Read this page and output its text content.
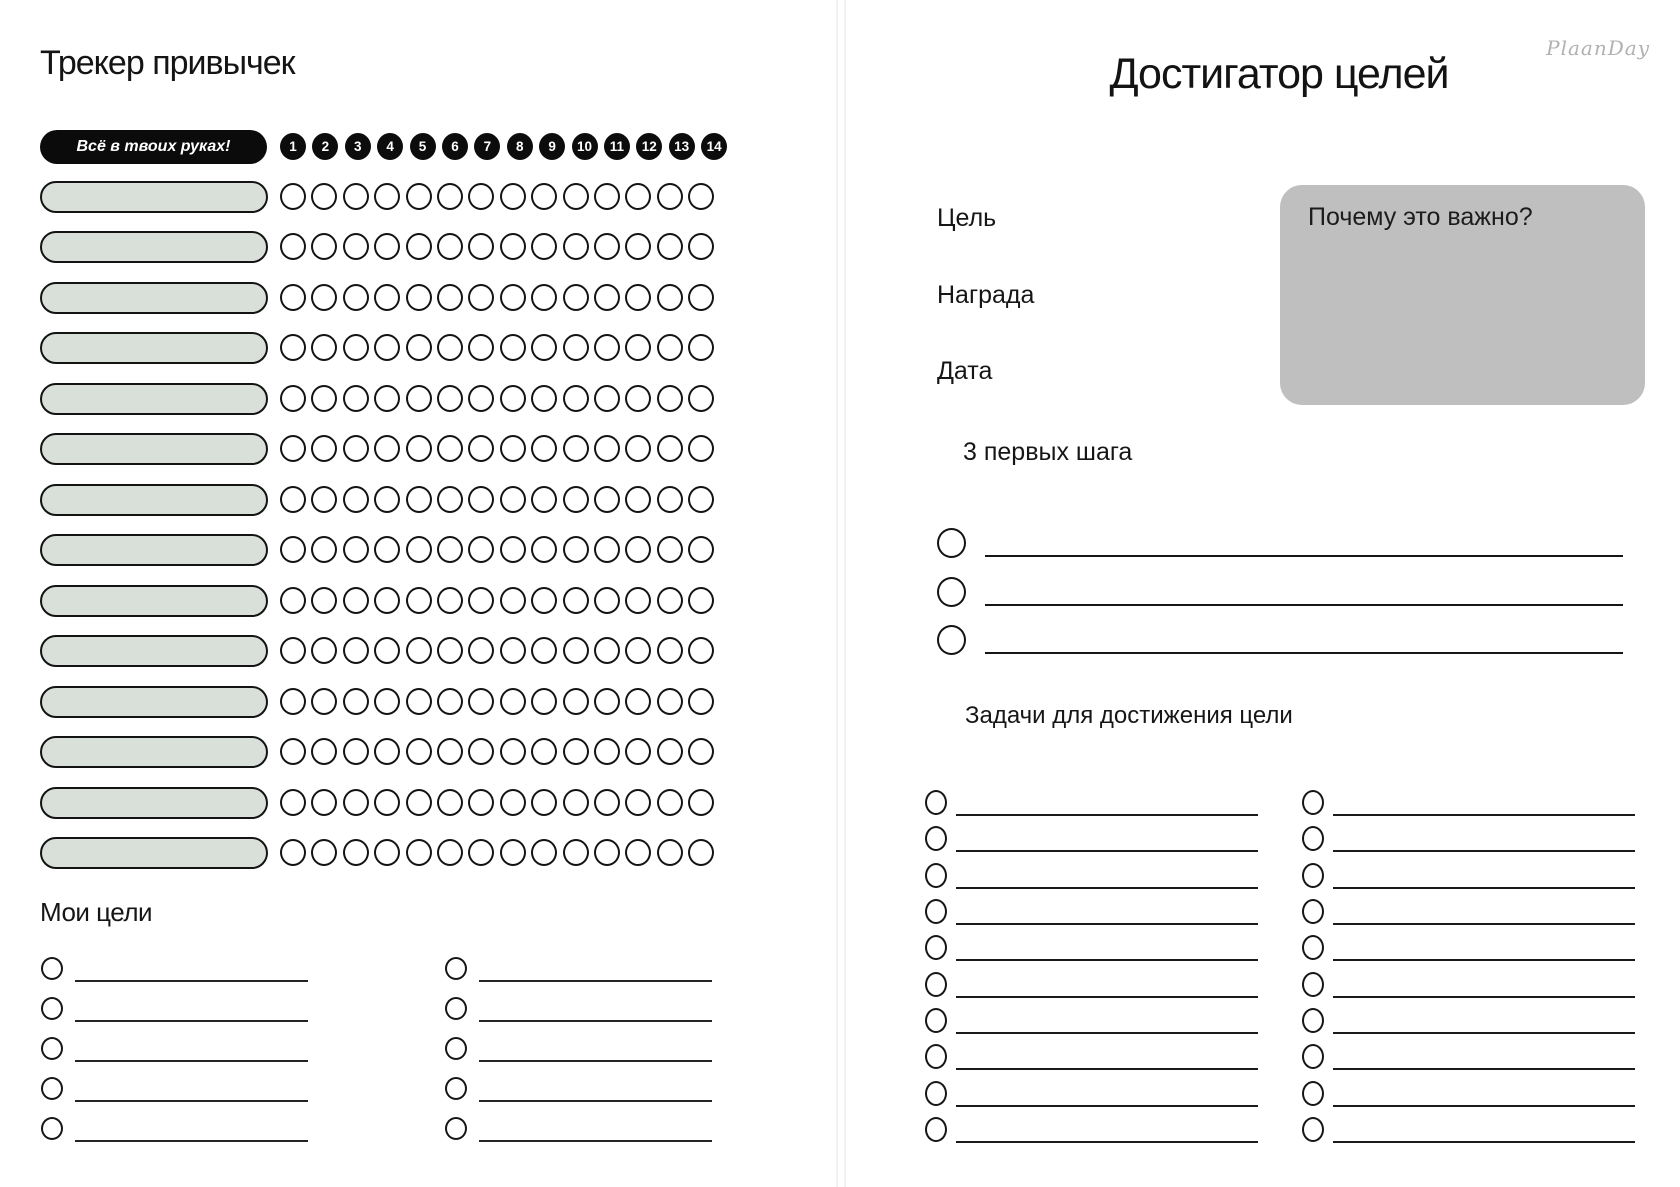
Трекер привычек
Всё в твоих руках!	1	2	3	4	5	6	7	8	9	10	11	12	13	14
Мои цели
PlaanDay
Достигатор целей
Цель
Награда
Дата
Почему это важно?
3 первых шага
Задачи для достижения цели
